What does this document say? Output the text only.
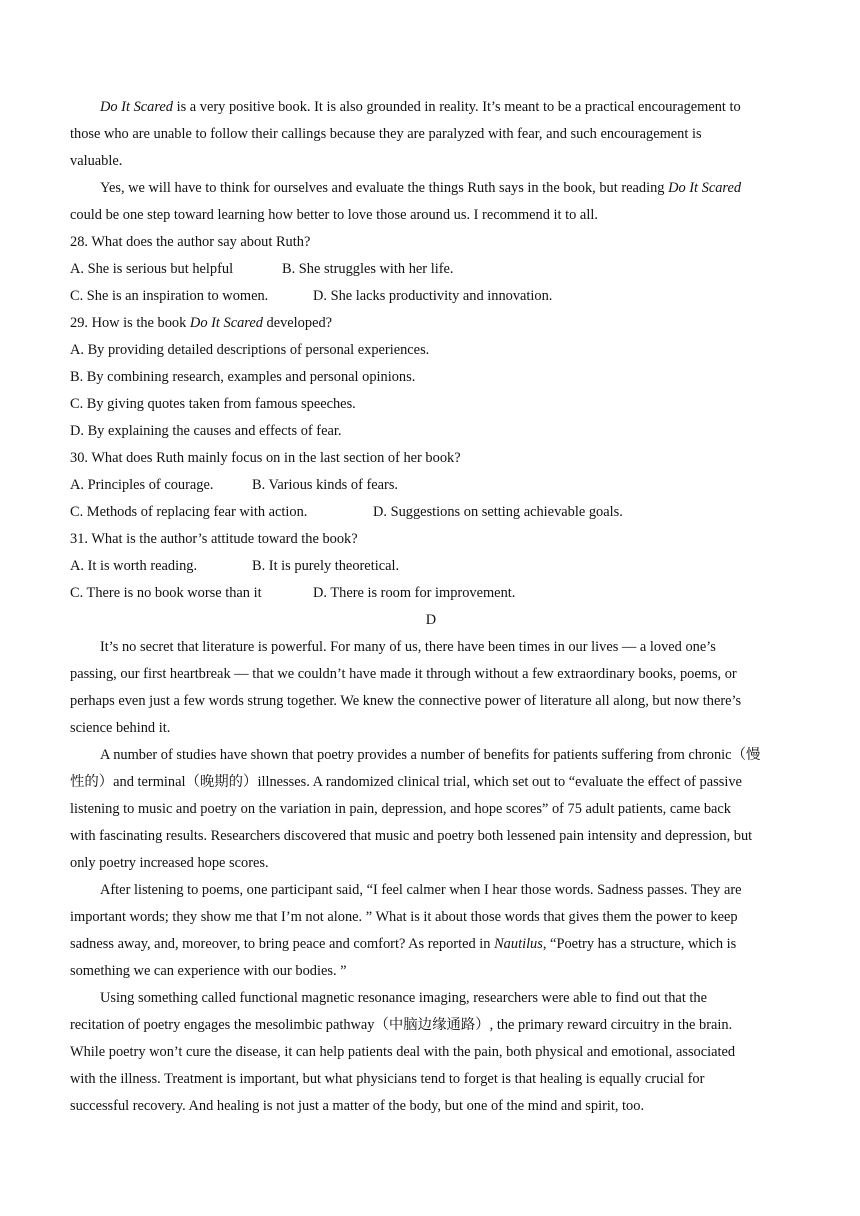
Do It Scared is a very positive book. It is also grounded in reality. It’s meant to be a practical encouragement to
those who are unable to follow their callings because they are paralyzed with fear, and such encouragement is
valuable.
Yes, we will have to think for ourselves and evaluate the things Ruth says in the book, but reading Do It Scared
could be one step toward learning how better to love those around us. I recommend it to all.
28. What does the author say about Ruth?
A. She is serious but helpful	B. She struggles with her life.
C. She is an inspiration to women.	D. She lacks productivity and innovation.
29. How is the book Do It Scared developed?
A. By providing detailed descriptions of personal experiences.
B. By combining research, examples and personal opinions.
C. By giving quotes taken from famous speeches.
D. By explaining the causes and effects of fear.
30. What does Ruth mainly focus on in the last section of her book?
A. Principles of courage.	B. Various kinds of fears.
C. Methods of replacing fear with action.	D. Suggestions on setting achievable goals.
31. What is the author’s attitude toward the book?
A. It is worth reading.	B. It is purely theoretical.
C. There is no book worse than it	D. There is room for improvement.
D
It’s no secret that literature is powerful. For many of us, there have been times in our lives — a loved one’s
passing, our first heartbreak — that we couldn’t have made it through without a few extraordinary books, poems, or
perhaps even just a few words strung together. We knew the connective power of literature all along, but now there’s
science behind it.
A number of studies have shown that poetry provides a number of benefits for patients suffering from chronic（慢
性的）and terminal（晚期的）illnesses. A randomized clinical trial, which set out to “evaluate the effect of passive
listening to music and poetry on the variation in pain, depression, and hope scores” of 75 adult patients, came back
with fascinating results. Researchers discovered that music and poetry both lessened pain intensity and depression, but
only poetry increased hope scores.
After listening to poems, one participant said, “I feel calmer when I hear those words. Sadness passes. They are
important words; they show me that I’m not alone. ” What is it about those words that gives them the power to keep
sadness away, and, moreover, to bring peace and comfort? As reported in Nautilus, “Poetry has a structure, which is
something we can experience with our bodies. ”
Using something called functional magnetic resonance imaging, researchers were able to find out that the
recitation of poetry engages the mesolimbic pathway（中脑边缘通路）, the primary reward circuitry in the brain.
While poetry won’t cure the disease, it can help patients deal with the pain, both physical and emotional, associated
with the illness. Treatment is important, but what physicians tend to forget is that healing is equally crucial for
successful recovery. And healing is not just a matter of the body, but one of the mind and spirit, too.
